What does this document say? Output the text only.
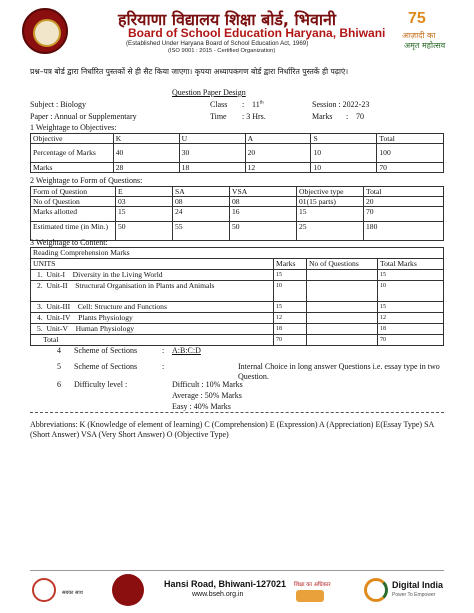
हरियाणा विद्यालय शिक्षा बोर्ड, भिवानी
Board of School Education Haryana, Bhiwani
(Established Under Haryana Board of School Education Act, 1969)
(ISO 9001 : 2015 - Certified Organization)
75
आज़ादी का
अमृत महोत्सव
प्रश्न–पत्र बोर्ड द्वारा निर्धारित पुस्तकों से ही सैट किया जाएगा। कृपया अध्यापकगण बोर्ड द्वारा निर्धारित पुस्तकें ही पढ़ाएं।
Question Paper Design
Subject : Biology	Class : 11th	Session : 2022-23
Paper : Annual or Supplementary	Time : 3 Hrs.	Marks : 70
1 Weightage to Objectives:
Objective	K	U	A	S	Total
Percentage of Marks	40	30	20	10	100
Marks	28	18	12	10	70
2 Weightage to Form of Questions:
Form of Question	E	SA	VSA	Objective type	Total
No of Question	03	08	08	01(15 parts)	20
Marks allotted	15	24	16	15	70
Estimated time (in Min.)	50	55	50	25	180
3 Weightage to Content:
Reading Comprehension Marks			
UNITS	Marks	No of Questions	Total Marks
1. Unit-I Diversity in the Living World	15		15
2. Unit-II Structural Organisation in Plants and Animals	10		10
3. Unit-III Cell: Structure and Functions	15		15
4. Unit-IV Plants Physiology	12		12
5. Unit-V Human Physiology	18		18
Total	70		70
4 Scheme of Sections	: A:B:C:D
5 Scheme of Sections	:	Internal Choice in long answer Questions i.e. essay type in two Question.
6 Difficulty level :	Difficult : 10% Marks
Average : 50% Marks
Easy : 40% Marks
Abbreviations: K (Knowledge of element of learning) C (Comprehension) E (Expression) A (Appreciation) E(Essay Type) SA (Short Answer) VSA (Very Short Answer) O (Objective Type)
सबका साथ
Hansi Road, Bhiwani-127021
www.bseh.org.in
शिक्षा का अधिकार	Digital India
Power To Empower
